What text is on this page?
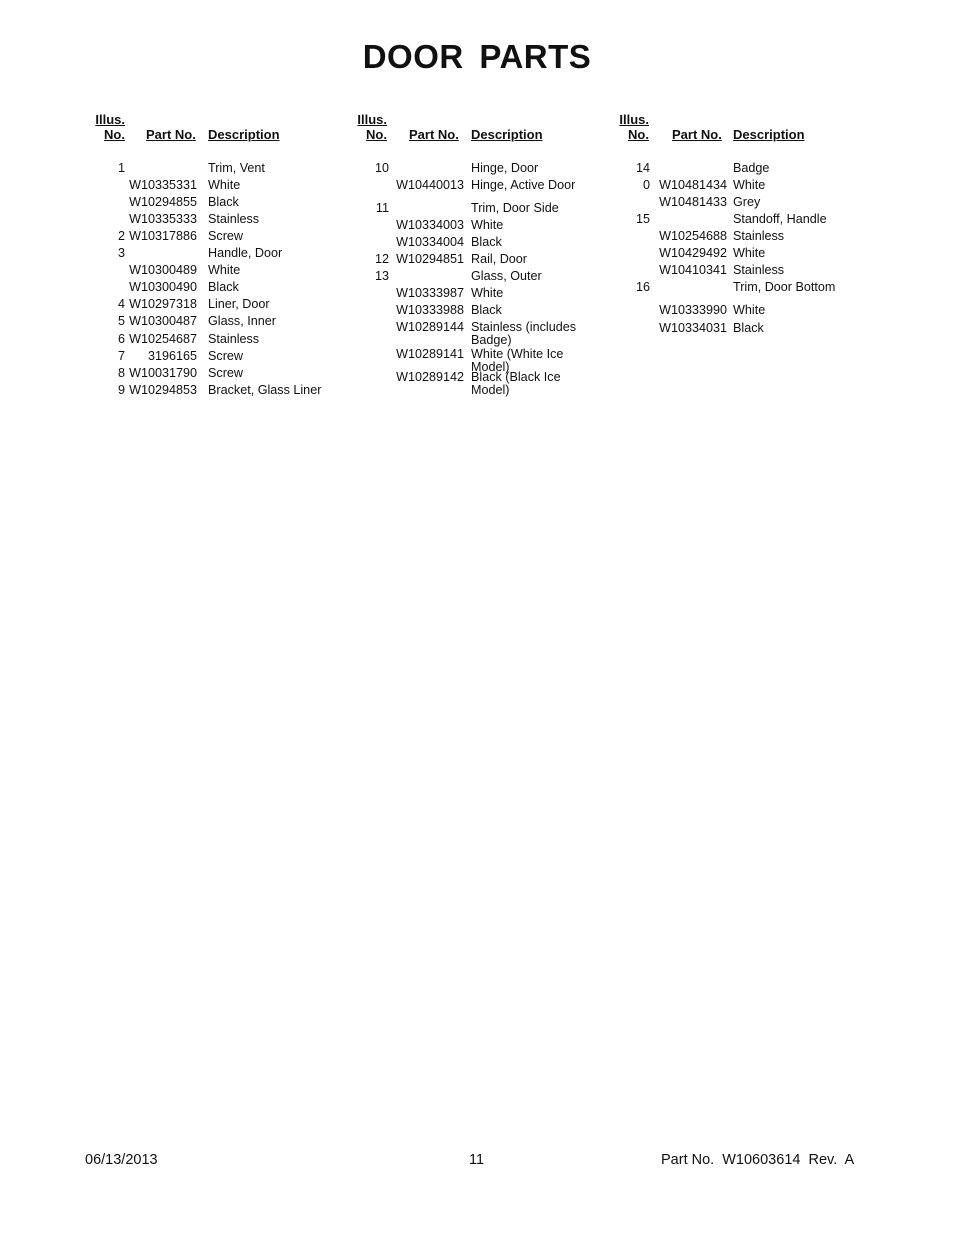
DOOR PARTS
Illus.
No. Part No. Description
1	Trim, Vent
W10335331 White
W10294855 Black
W10335333 Stainless
2 W10317886 Screw
3	Handle, Door
W10300489 White
W10300490 Black
4 W10297318 Liner, Door
5 W10300487 Glass, Inner
6 W10254687 Stainless
7	3196165 Screw
8 W10031790 Screw
9 W10294853 Bracket, Glass Liner
Illus.
No. Part No. Description
10	Hinge, Door
W10440013 Hinge, Active Door
11	Trim, Door Side
W10334003 White
W10334004 Black
12 W10294851 Rail, Door
13	Glass, Outer
W10333987 White
W10333988 Black
W10289144 Stainless (includes Badge)
W10289141 White (White Ice Model)
W10289142 Black (Black Ice Model)
Illus.
No. Part No. Description
14	Badge
0 W10481434 White
W10481433 Grey
15	Standoff, Handle
W10254688 Stainless
W10429492 White
W10410341 Stainless
16	Trim, Door Bottom
W10333990 White
W10334031 Black
06/13/2013	11	Part No.  W10603614  Rev.  A
